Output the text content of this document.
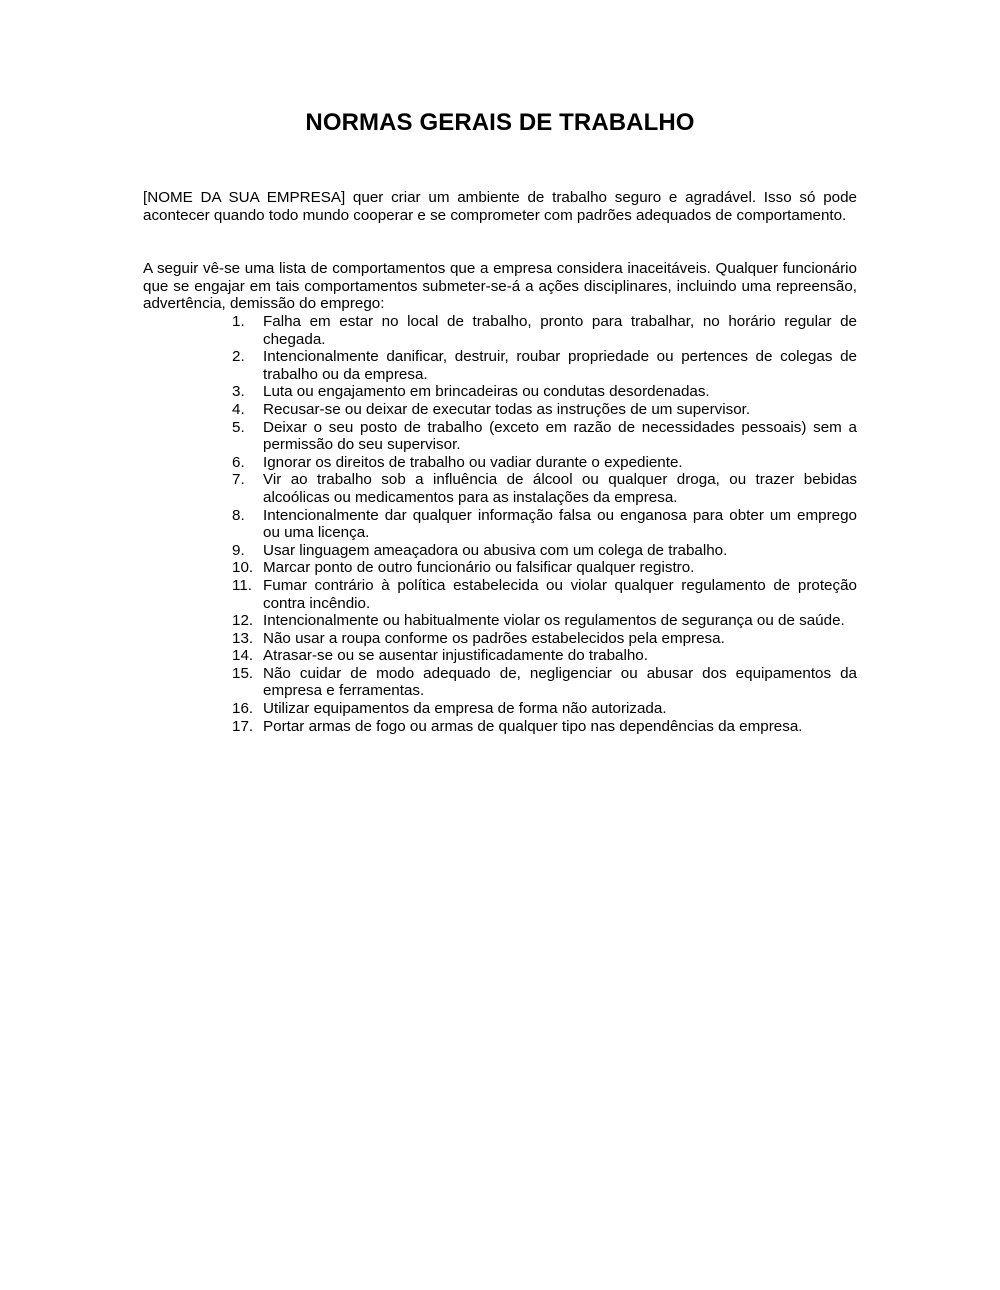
NORMAS GERAIS DE TRABALHO

[NOME DA SUA EMPRESA] quer criar um ambiente de trabalho seguro e agradável. Isso só pode acontecer quando todo mundo cooperar e se comprometer com padrões adequados de comportamento.

A seguir vê-se uma lista de comportamentos que a empresa considera inaceitáveis. Qualquer funcionário que se engajar em tais comportamentos submeter-se-á a ações disciplinares, incluindo uma repreensão, advertência, demissão do emprego:

1.	Falha em estar no local de trabalho, pronto para trabalhar, no horário regular de chegada.
2.	Intencionalmente danificar, destruir, roubar propriedade ou pertences de colegas de trabalho ou da empresa.
3.	Luta ou engajamento em brincadeiras ou condutas desordenadas.
4.	Recusar-se ou deixar de executar todas as instruções de um supervisor.
5.	Deixar o seu posto de trabalho (exceto em razão de necessidades pessoais) sem a permissão do seu supervisor.
6.	Ignorar os direitos de trabalho ou vadiar durante o expediente.
7.	Vir ao trabalho sob a influência de álcool ou qualquer droga, ou trazer bebidas alcoólicas ou medicamentos para as instalações da empresa.
8.	Intencionalmente dar qualquer informação falsa ou enganosa para obter um emprego ou uma licença.
9.	Usar linguagem ameaçadora ou abusiva com um colega de trabalho.
10. Marcar ponto de outro funcionário ou falsificar qualquer registro.
11. Fumar contrário à política estabelecida ou violar qualquer regulamento de proteção contra incêndio.
12. Intencionalmente ou habitualmente violar os regulamentos de segurança ou de saúde.
13. Não usar a roupa conforme os padrões estabelecidos pela empresa.
14. Atrasar-se ou se ausentar injustificadamente do trabalho.
15. Não cuidar de modo adequado de, negligenciar ou abusar dos equipamentos da empresa e ferramentas.
16. Utilizar equipamentos da empresa de forma não autorizada.
17. Portar armas de fogo ou armas de qualquer tipo nas dependências da empresa.
